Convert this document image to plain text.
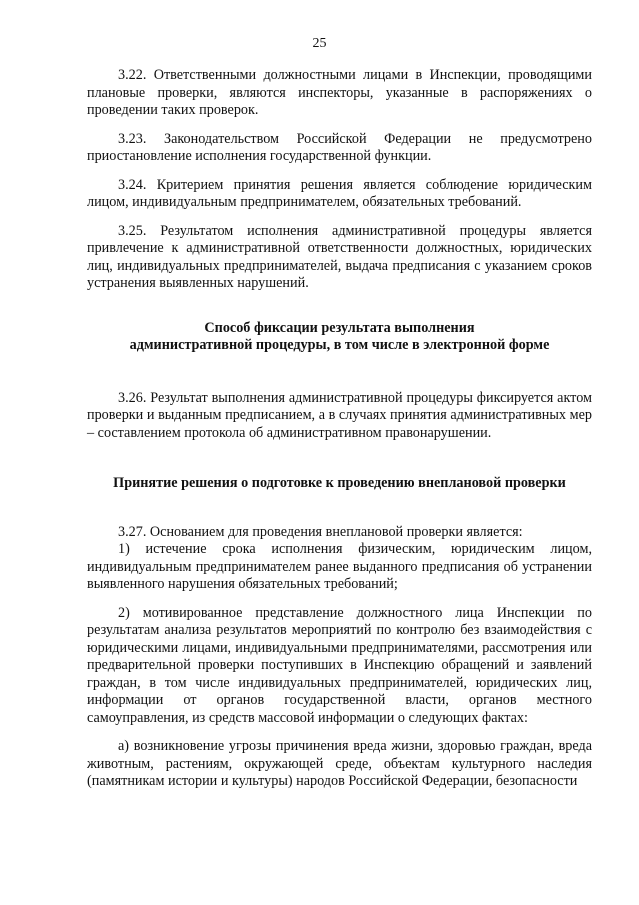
25

3.22. Ответственными должностными лицами в Инспекции, проводящими плановые проверки, являются инспекторы, указанные в распоряжениях о проведении таких проверок.

3.23. Законодательством Российской Федерации не предусмотрено приостановление исполнения государственной функции.

3.24. Критерием принятия решения является соблюдение юридическим лицом, индивидуальным предпринимателем, обязательных требований.

3.25. Результатом исполнения административной процедуры является привлечение к административной ответственности должностных, юридических лиц, индивидуальных предпринимателей, выдача предписания с указанием сроков устранения выявленных нарушений.

Способ фиксации результата выполнения

административной процедуры, в том числе в электронной форме

3.26. Результат выполнения административной процедуры фиксируется актом проверки и выданным предписанием, а в случаях принятия административных мер – составлением протокола об административном правонарушении.

Принятие решения о подготовке к проведению внеплановой проверки

3.27. Основанием для проведения внеплановой проверки является:

1) истечение срока исполнения физическим, юридическим лицом, индивидуальным предпринимателем ранее выданного предписания об устранении выявленного нарушения обязательных требований;

2) мотивированное представление должностного лица Инспекции по результатам анализа результатов мероприятий по контролю без взаимодействия с юридическими лицами, индивидуальными предпринимателями, рассмотрения или предварительной проверки поступивших в Инспекцию обращений и заявлений граждан, в том числе индивидуальных предпринимателей, юридических лиц, информации от органов государственной власти, органов местного самоуправления, из средств массовой информации о следующих фактах:

а) возникновение угрозы причинения вреда жизни, здоровью граждан, вреда животным, растениям, окружающей среде, объектам культурного наследия (памятникам истории и культуры) народов Российской Федерации, безопасности
